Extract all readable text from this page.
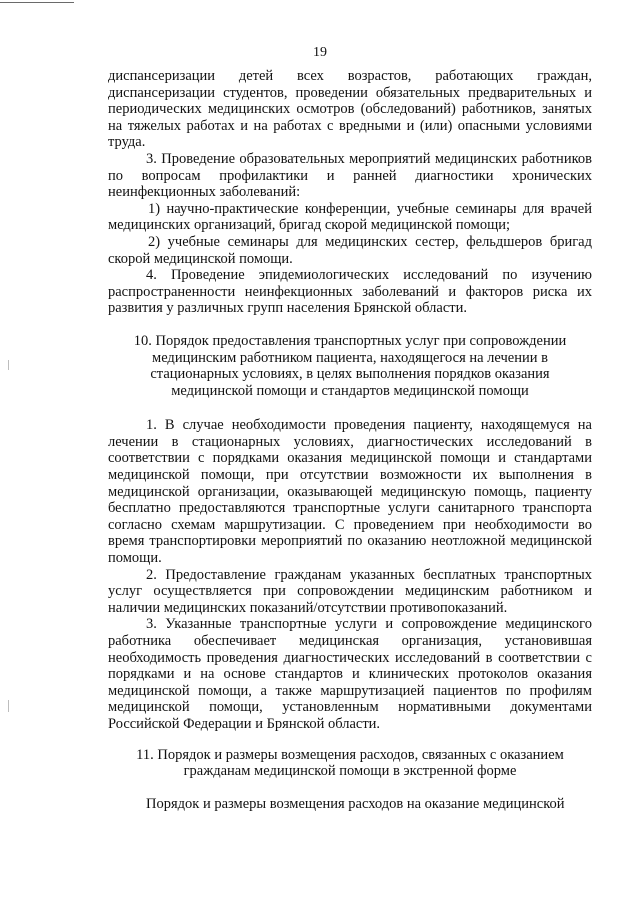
19

диспансеризации детей всех возрастов, работающих граждан, диспансеризации студентов, проведении обязательных предварительных и периодических медицинских осмотров (обследований) работников, занятых на тяжелых работах и на работах с вредными и (или) опасными условиями труда.

3. Проведение образовательных мероприятий медицинских работников по вопросам профилактики и ранней диагностики хронических неинфекционных заболеваний:

1) научно-практические конференции, учебные семинары для врачей медицинских организаций, бригад скорой медицинской помощи;

2) учебные семинары для медицинских сестер, фельдшеров бригад скорой медицинской помощи.

4. Проведение эпидемиологических исследований по изучению распространенности неинфекционных заболеваний и факторов риска их развития у различных групп населения Брянской области.

10. Порядок предоставления транспортных услуг при сопровождении медицинским работником пациента, находящегося на лечении в стационарных условиях, в целях выполнения порядков оказания медицинской помощи и стандартов медицинской помощи

1. В случае необходимости проведения пациенту, находящемуся на лечении в стационарных условиях, диагностических исследований в соответствии с порядками оказания медицинской помощи и стандартами медицинской помощи, при отсутствии возможности их выполнения в медицинской организации, оказывающей медицинскую помощь, пациенту бесплатно предоставляются транспортные услуги санитарного транспорта согласно схемам маршрутизации. С проведением при необходимости во время транспортировки мероприятий по оказанию неотложной медицинской помощи.

2. Предоставление гражданам указанных бесплатных транспортных услуг осуществляется при сопровождении медицинским работником и наличии медицинских показаний/отсутствии противопоказаний.

3. Указанные транспортные услуги и сопровождение медицинского работника обеспечивает медицинская организация, установившая необходимость проведения диагностических исследований в соответствии с порядками и на основе стандартов и клинических протоколов оказания медицинской помощи, а также маршрутизацией пациентов по профилям медицинской помощи, установленным нормативными документами Российской Федерации и Брянской области.

11. Порядок и размеры возмещения расходов, связанных с оказанием гражданам медицинской помощи в экстренной форме

Порядок и размеры возмещения расходов на оказание медицинской
